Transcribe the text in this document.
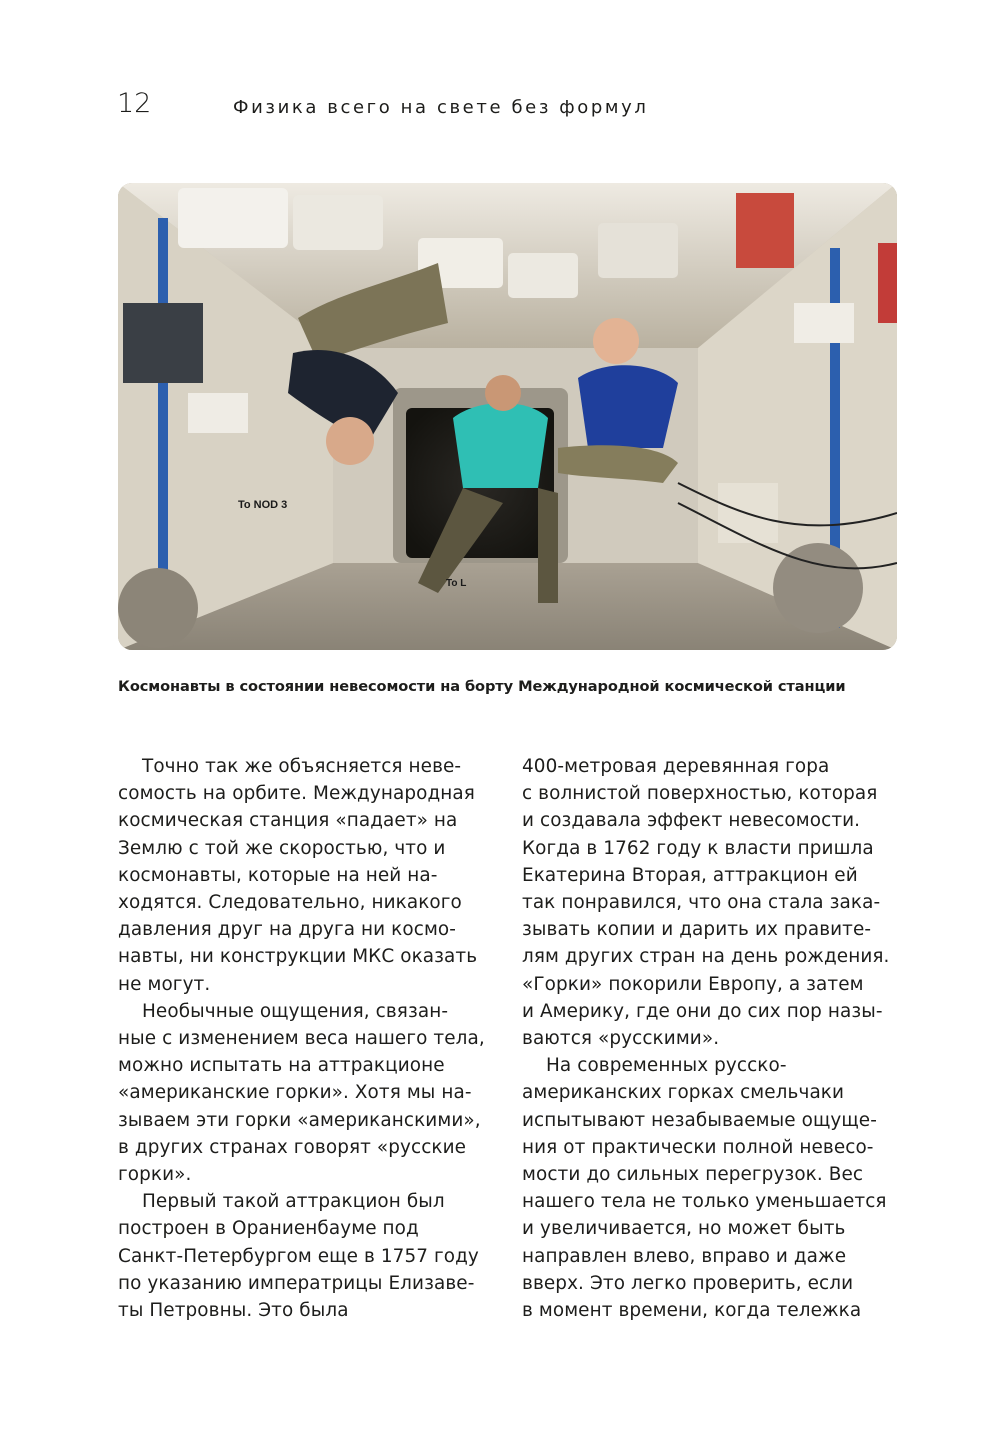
12	Физика всего на свете без формул
To NOD 3
To L
Космонавты в состоянии невесомости на борту Международной космической станции
Точно так же объясняется неве-
сомость на орбите. Международная
космическая станция «падает» на
Землю с той же скоростью, что и
космонавты, которые на ней на-
ходятся. Следовательно, никакого
давления друг на друга ни космо-
навты, ни конструкции МКС оказать
не могут.
Необычные ощущения, связан-
ные с изменением веса нашего тела,
можно испытать на аттракционе
«американские горки». Хотя мы на-
зываем эти горки «американскими»,
в других странах говорят «русские
горки».
Первый такой аттракцион был
построен в Ораниенбауме под
Санкт-Петербургом еще в 1757 году
по указанию императрицы Елизаве-
ты Петровны. Это была
400-метровая деревянная гора
с волнистой поверхностью, которая
и создавала эффект невесомости.
Когда в 1762 году к власти пришла
Екатерина Вторая, аттракцион ей
так понравился, что она стала зака-
зывать копии и дарить их правите-
лям других стран на день рождения.
«Горки» покорили Европу, а затем
и Америку, где они до сих пор назы-
ваются «русскими».
На современных русско-
американских горках смельчаки
испытывают незабываемые ощуще-
ния от практически полной невесо-
мости до сильных перегрузок. Вес
нашего тела не только уменьшается
и увеличивается, но может быть
направлен влево, вправо и даже
вверх. Это легко проверить, если
в момент времени, когда тележка
